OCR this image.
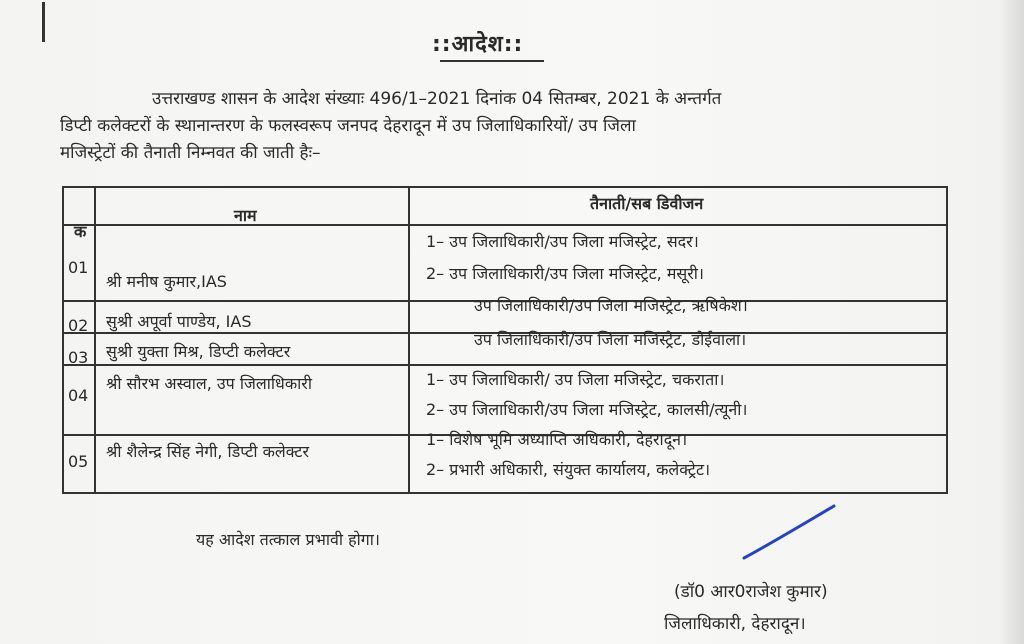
::आदेश::
उत्तराखण्ड शासन के आदेश संख्याः 496/1–2021 दिनांक 04 सितम्बर, 2021 के अन्तर्गत
डिप्टी कलेक्टरों के स्थानान्तरण के फलस्वरूप जनपद देहरादून में उप जिलाधिकारियों/ उप जिला
मजिस्ट्रेटों की तैनाती निम्नवत की जाती हैः–
क
नाम
तैनाती/सब डिवीजन
01
श्री मनीष कुमार,IAS
1– उप जिलाधिकारी/उप जिला मजिस्ट्रेट, सदर।
2– उप जिलाधिकारी/उप जिला मजिस्ट्रेट, मसूरी।
02 सुश्री अपूर्वा पाण्डेय, IAS
उप जिलाधिकारी/उप जिला मजिस्ट्रेट, ऋषिकेश।
03 सुश्री युक्ता मिश्र, डिप्टी कलेक्टर
उप जिलाधिकारी/उप जिला मजिस्ट्रेट, डोईवाला।
04
श्री सौरभ अस्वाल, उप जिलाधिकारी	1– उप जिलाधिकारी/ उप जिला मजिस्ट्रेट, चकराता।
2– उप जिलाधिकारी/उप जिला मजिस्ट्रेट, कालसी/त्यूनी।
05
श्री शैलेन्द्र सिंह नेगी, डिप्टी कलेक्टर
1– विशेष भूमि अध्याप्ति अधिकारी, देहरादून।
2– प्रभारी अधिकारी, संयुक्त कार्यालय, कलेक्ट्रेट।
यह आदेश तत्काल प्रभावी होगा।
(डॉ0 आर0राजेश कुमार)
जिलाधिकारी, देहरादून।
